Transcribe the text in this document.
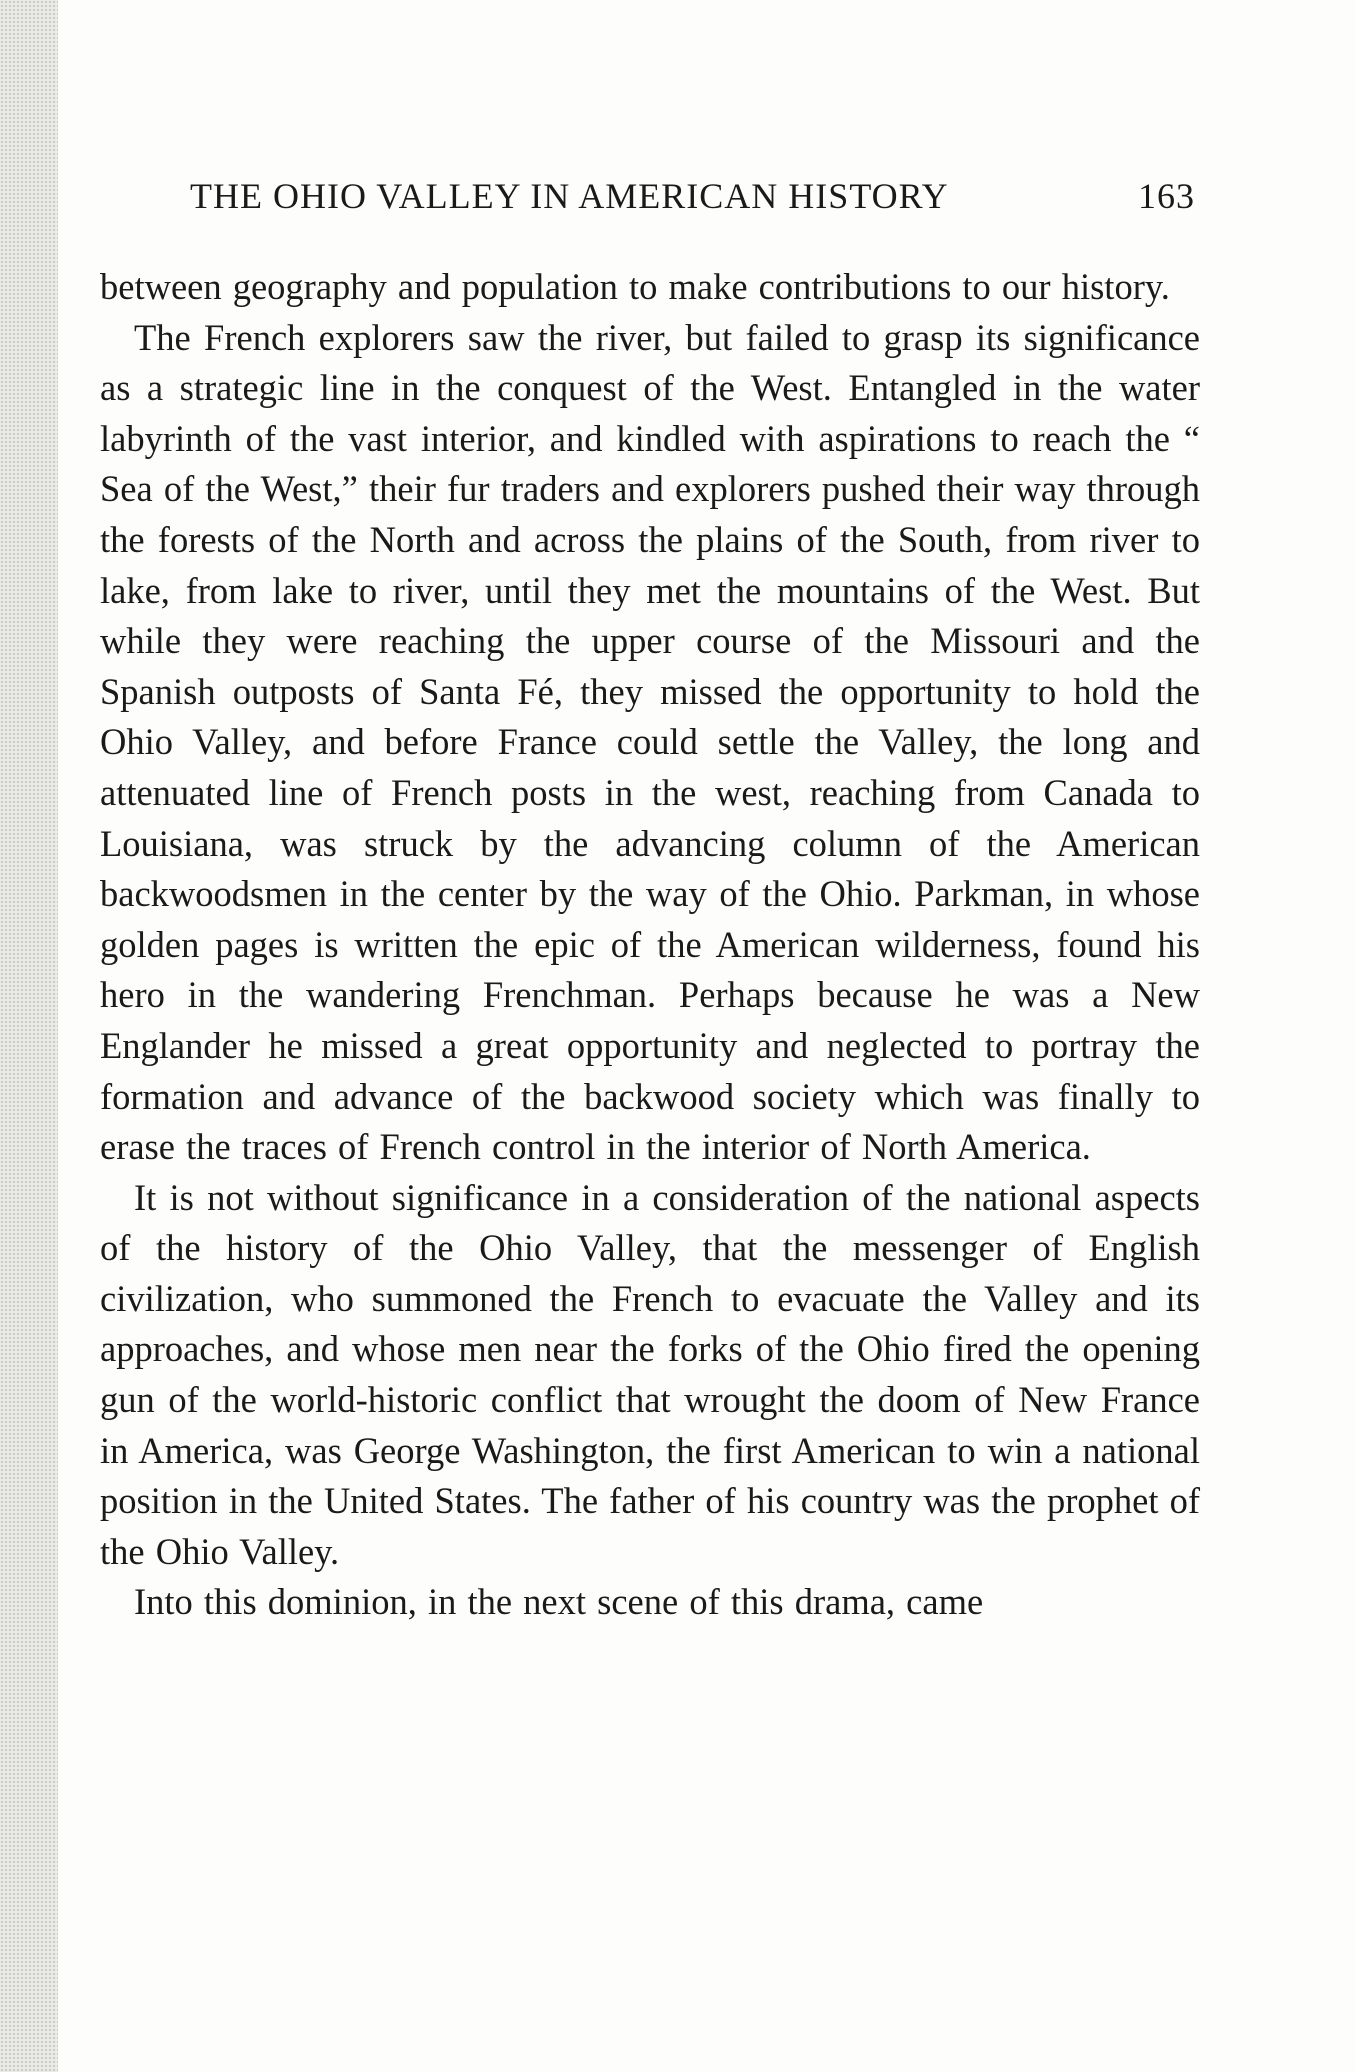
THE OHIO VALLEY IN AMERICAN HISTORY	163

between geography and population to make contributions to our history.

The French explorers saw the river, but failed to grasp its significance as a strategic line in the conquest of the West. Entangled in the water labyrinth of the vast interior, and kindled with aspirations to reach the “ Sea of the West,” their fur traders and explorers pushed their way through the forests of the North and across the plains of the South, from river to lake, from lake to river, until they met the mountains of the West. But while they were reaching the upper course of the Missouri and the Spanish outposts of Santa Fé, they missed the opportunity to hold the Ohio Valley, and before France could settle the Valley, the long and attenuated line of French posts in the west, reaching from Canada to Louisiana, was struck by the advancing column of the American backwoodsmen in the center by the way of the Ohio. Parkman, in whose golden pages is written the epic of the American wilderness, found his hero in the wandering Frenchman. Perhaps because he was a New Englander he missed a great opportunity and neglected to portray the formation and advance of the backwood society which was finally to erase the traces of French control in the interior of North America.

It is not without significance in a consideration of the national aspects of the history of the Ohio Valley, that the messenger of English civilization, who summoned the French to evacuate the Valley and its approaches, and whose men near the forks of the Ohio fired the opening gun of the world-historic conflict that wrought the doom of New France in America, was George Washington, the first American to win a national position in the United States. The father of his country was the prophet of the Ohio Valley.

Into this dominion, in the next scene of this drama, came
